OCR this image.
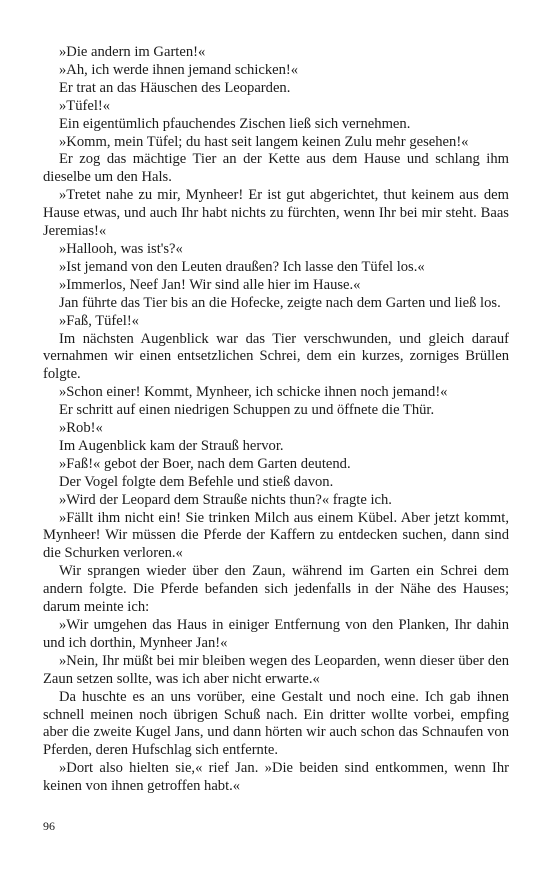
»Die andern im Garten!«

»Ah, ich werde ihnen jemand schicken!«

Er trat an das Häuschen des Leoparden.

»Tüfel!«

Ein eigentümlich pfauchendes Zischen ließ sich vernehmen.

»Komm, mein Tüfel; du hast seit langem keinen Zulu mehr gesehen!«

Er zog das mächtige Tier an der Kette aus dem Hause und schlang ihm dieselbe um den Hals.

»Tretet nahe zu mir, Mynheer! Er ist gut abgerichtet, thut keinem aus dem Hause etwas, und auch Ihr habt nichts zu fürchten, wenn Ihr bei mir steht. Baas Jeremias!«

»Hallooh, was ist's?«

»Ist jemand von den Leuten draußen? Ich lasse den Tüfel los.«

»Immerlos, Neef Jan! Wir sind alle hier im Hause.«

Jan führte das Tier bis an die Hofecke, zeigte nach dem Garten und ließ los.

»Faß, Tüfel!«

Im nächsten Augenblick war das Tier verschwunden, und gleich darauf vernahmen wir einen entsetzlichen Schrei, dem ein kurzes, zorniges Brüllen folgte.

»Schon einer! Kommt, Mynheer, ich schicke ihnen noch jemand!«

Er schritt auf einen niedrigen Schuppen zu und öffnete die Thür.

»Rob!«

Im Augenblick kam der Strauß hervor.

»Faß!« gebot der Boer, nach dem Garten deutend.

Der Vogel folgte dem Befehle und stieß davon.

»Wird der Leopard dem Strauße nichts thun?« fragte ich.

»Fällt ihm nicht ein! Sie trinken Milch aus einem Kübel. Aber jetzt kommt, Mynheer! Wir müssen die Pferde der Kaffern zu entdecken suchen, dann sind die Schurken verloren.«

Wir sprangen wieder über den Zaun, während im Garten ein Schrei dem andern folgte. Die Pferde befanden sich jedenfalls in der Nähe des Hauses; darum meinte ich:

»Wir umgehen das Haus in einiger Entfernung von den Planken, Ihr dahin und ich dorthin, Mynheer Jan!«

»Nein, Ihr müßt bei mir bleiben wegen des Leoparden, wenn dieser über den Zaun setzen sollte, was ich aber nicht erwarte.«

Da huschte es an uns vorüber, eine Gestalt und noch eine. Ich gab ihnen schnell meinen noch übrigen Schuß nach. Ein dritter wollte vorbei, empfing aber die zweite Kugel Jans, und dann hörten wir auch schon das Schnaufen von Pferden, deren Hufschlag sich entfernte.

»Dort also hielten sie,« rief Jan. »Die beiden sind entkommen, wenn Ihr keinen von ihnen getroffen habt.«

96
